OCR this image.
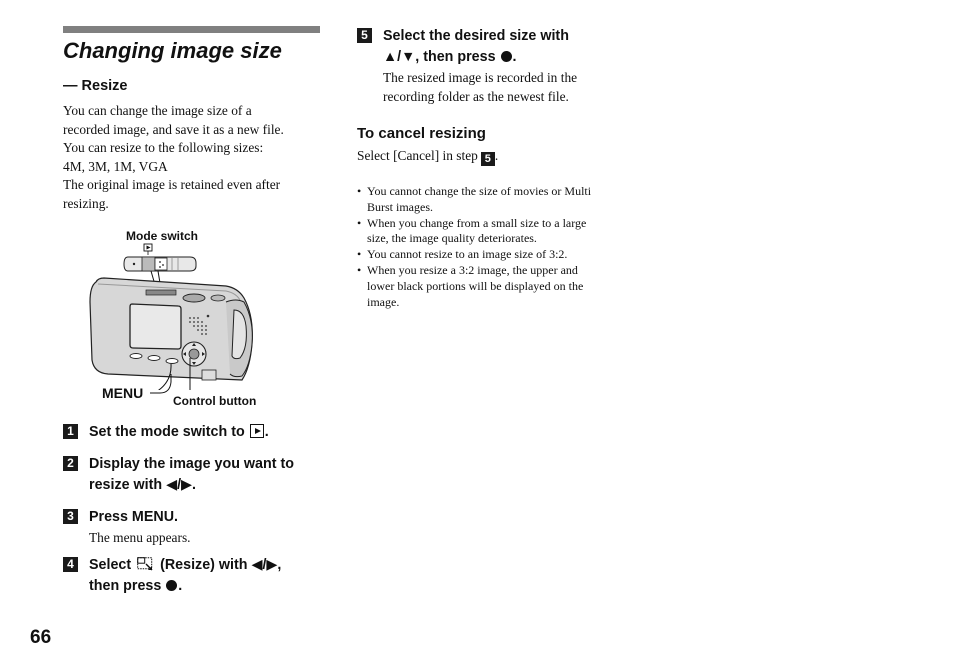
Changing image size
— Resize
You can change the image size of a
recorded image, and save it as a new file.
You can resize to the following sizes:
4M, 3M, 1M, VGA
The original image is retained even after
resizing.
Mode switch
MENU Control button
1 Set the mode switch to .
2 Display the image you want to
resize with ◀/▶.
3 Press MENU.
The menu appears.
4 Select (Resize) with ◀/▶,
then press .
5 Select the desired size with
▲/▼, then press .
The resized image is recorded in the
recording folder as the newest file.
To cancel resizing
Select [Cancel] in step 5 .
• You cannot change the size of movies or Multi
Burst images.
• When you change from a small size to a large
size, the image quality deteriorates.
• You cannot resize to an image size of 3:2.
• When you resize a 3:2 image, the upper and
lower black portions will be displayed on the
image.
66
